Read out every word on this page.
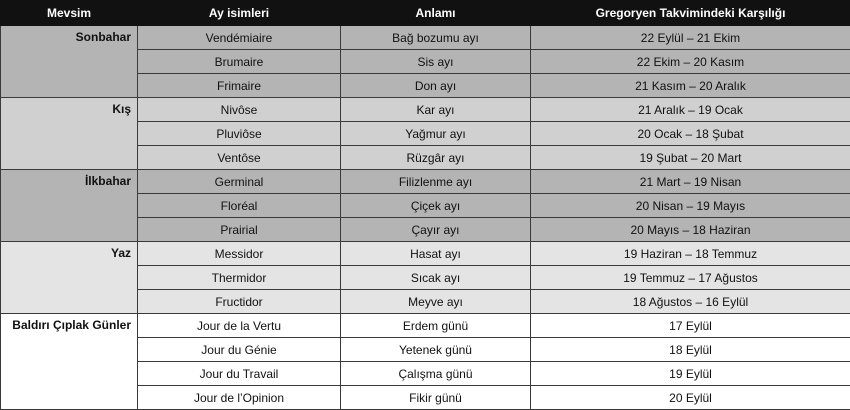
Mevsim	Ay isimleri	Anlamı	Gregoryen Takvimindeki Karşılığı
Sonbahar	Vendémiaire	Bağ bozumu ayı	22 Eylül – 21 Ekim
	Brumaire	Sis ayı	22 Ekim – 20 Kasım
	Frimaire	Don ayı	21 Kasım – 20 Aralık
Kış	Nivôse	Kar ayı	21 Aralık – 19 Ocak
	Pluviôse	Yağmur ayı	20 Ocak – 18 Şubat
	Ventôse	Rüzgâr ayı	19 Şubat – 20 Mart
İlkbahar	Germinal	Filizlenme ayı	21 Mart – 19 Nisan
	Floréal	Çiçek ayı	20 Nisan – 19 Mayıs
	Prairial	Çayır ayı	20 Mayıs – 18 Haziran
Yaz	Messidor	Hasat ayı	19 Haziran – 18 Temmuz
	Thermidor	Sıcak ayı	19 Temmuz – 17 Ağustos
	Fructidor	Meyve ayı	18 Ağustos – 16 Eylül
Baldırı Çıplak Günler	Jour de la Vertu	Erdem günü	17 Eylül
	Jour du Génie	Yetenek günü	18 Eylül
	Jour du Travail	Çalışma günü	19 Eylül
	Jour de l’Opinion	Fikir günü	20 Eylül
